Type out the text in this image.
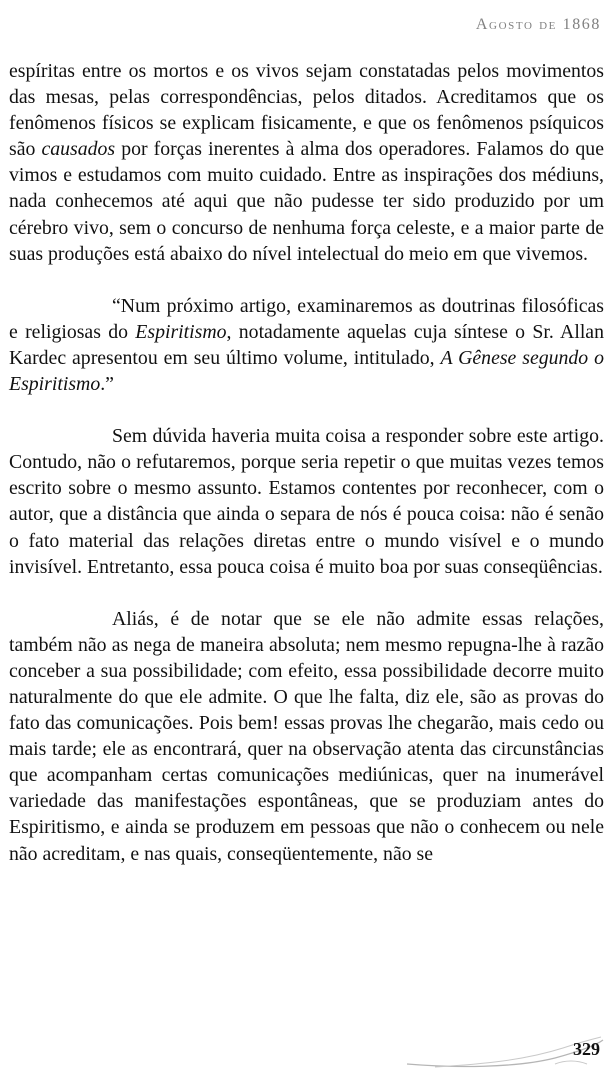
Agosto de 1868

espíritas entre os mortos e os vivos sejam constatadas pelos movimentos das mesas, pelas correspondências, pelos ditados. Acreditamos que os fenômenos físicos se explicam fisicamente, e que os fenômenos psíquicos são causados por forças inerentes à alma dos operadores. Falamos do que vimos e estudamos com muito cuidado. Entre as inspirações dos médiuns, nada conhecemos até aqui que não pudesse ter sido produzido por um cérebro vivo, sem o concurso de nenhuma força celeste, e a maior parte de suas produções está abaixo do nível intelectual do meio em que vivemos.

“Num próximo artigo, examinaremos as doutrinas filosóficas e religiosas do Espiritismo, notadamente aquelas cuja síntese o Sr. Allan Kardec apresentou em seu último volume, intitulado, A Gênese segundo o Espiritismo.”

Sem dúvida haveria muita coisa a responder sobre este artigo. Contudo, não o refutaremos, porque seria repetir o que muitas vezes temos escrito sobre o mesmo assunto. Estamos contentes por reconhecer, com o autor, que a distância que ainda o separa de nós é pouca coisa: não é senão o fato material das relações diretas entre o mundo visível e o mundo invisível. Entretanto, essa pouca coisa é muito boa por suas conseqüências.

Aliás, é de notar que se ele não admite essas relações, também não as nega de maneira absoluta; nem mesmo repugna-lhe à razão conceber a sua possibilidade; com efeito, essa possibilidade decorre muito naturalmente do que ele admite. O que lhe falta, diz ele, são as provas do fato das comunicações. Pois bem! essas provas lhe chegarão, mais cedo ou mais tarde; ele as encontrará, quer na observação atenta das circunstâncias que acompanham certas comunicações mediúnicas, quer na inumerável variedade das manifestações espontâneas, que se produziam antes do Espiritismo, e ainda se produzem em pessoas que não o conhecem ou nele não acreditam, e nas quais, conseqüentemente, não se

329
